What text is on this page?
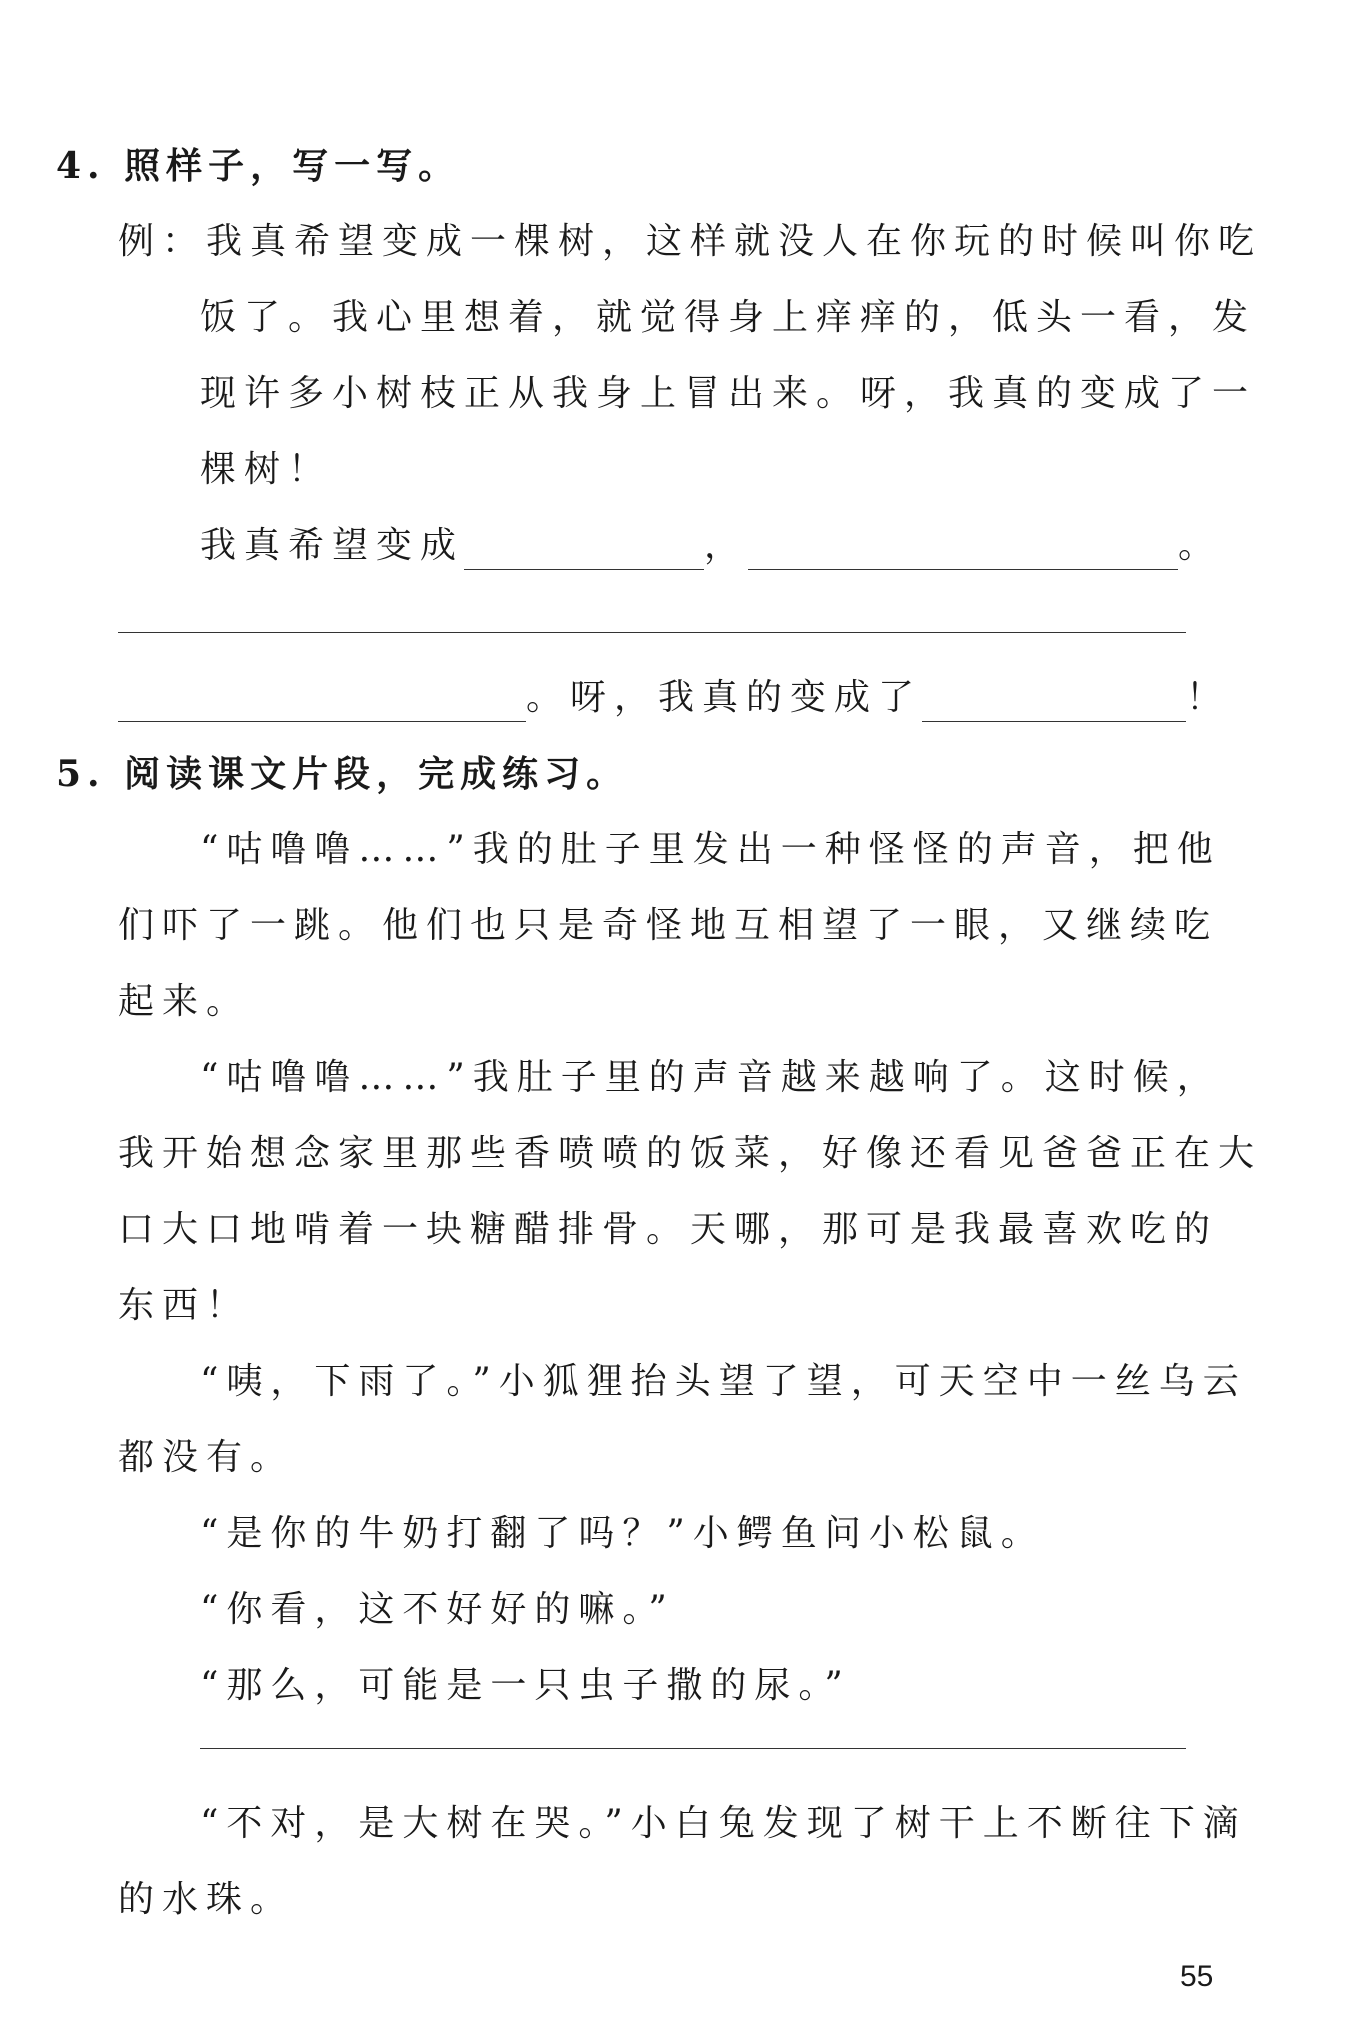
4. 照样子，写一写。
例：我真希望变成一棵树，这样就没人在你玩的时候叫你吃
饭了。我心里想着，就觉得身上痒痒的，低头一看，发
现许多小树枝正从我身上冒出来。呀，我真的变成了一
棵树！
我真希望变成	，	。
。呀，我真的变成了	！
5. 阅读课文片段，完成练习。
“咕噜噜……”我的肚子里发出一种怪怪的声音，把他
们吓了一跳。他们也只是奇怪地互相望了一眼，又继续吃
起来。
“咕噜噜……”我肚子里的声音越来越响了。这时候，
我开始想念家里那些香喷喷的饭菜，好像还看见爸爸正在大
口大口地啃着一块糖醋排骨。天哪，那可是我最喜欢吃的
东西！
“咦，下雨了。”小狐狸抬头望了望，可天空中一丝乌云
都没有。
“是你的牛奶打翻了吗？”小鳄鱼问小松鼠。
“你看，这不好好的嘛。”
“那么，可能是一只虫子撒的尿。”
“不对，是大树在哭。”小白兔发现了树干上不断往下滴
的水珠。
55
